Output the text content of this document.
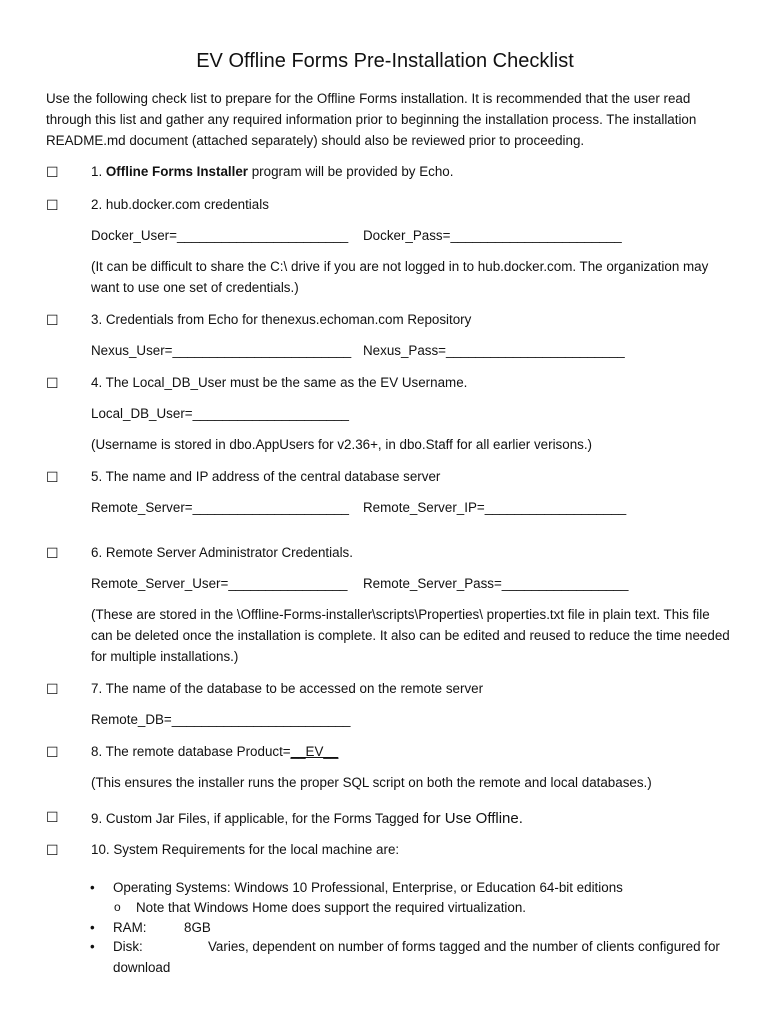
EV Offline Forms Pre-Installation Checklist
Use the following check list to prepare for the Offline Forms installation. It is recommended that the user read through this list and gather any required information prior to beginning the installation process. The installation README.md document (attached separately) should also be reviewed prior to proceeding.
☐ 1. Offline Forms Installer program will be provided by Echo.
☐ 2. hub.docker.com credentials
Docker_User=_______________________ Docker_Pass=_______________________
(It can be difficult to share the C:\ drive if you are not logged in to hub.docker.com. The organization may want to use one set of credentials.)
☐ 3. Credentials from Echo for thenexus.echoman.com Repository
Nexus_User=________________________ Nexus_Pass=________________________
☐ 4. The Local_DB_User must be the same as the EV Username.
Local_DB_User=_____________________
(Username is stored in dbo.AppUsers for v2.36+, in dbo.Staff for all earlier verisons.)
☐ 5. The name and IP address of the central database server
Remote_Server=_____________________ Remote_Server_IP=___________________
☐ 6. Remote Server Administrator Credentials.
Remote_Server_User=________________ Remote_Server_Pass=_________________
(These are stored in the \Offline-Forms-installer\scripts\Properties\ properties.txt file in plain text. This file can be deleted once the installation is complete. It also can be edited and reused to reduce the time needed for multiple installations.)
☐ 7. The name of the database to be accessed on the remote server
Remote_DB=________________________
☐ 8. The remote database Product=__EV__
(This ensures the installer runs the proper SQL script on both the remote and local databases.)
☐ 9. Custom Jar Files, if applicable, for the Forms Tagged for Use Offline.
☐ 10. System Requirements for the local machine are:
• Operating Systems: Windows 10 Professional, Enterprise, or Education 64-bit editions
o Note that Windows Home does support the required virtualization.
• RAM:	8GB
• Disk:	Varies, dependent on number of forms tagged and the number of clients configured for download
